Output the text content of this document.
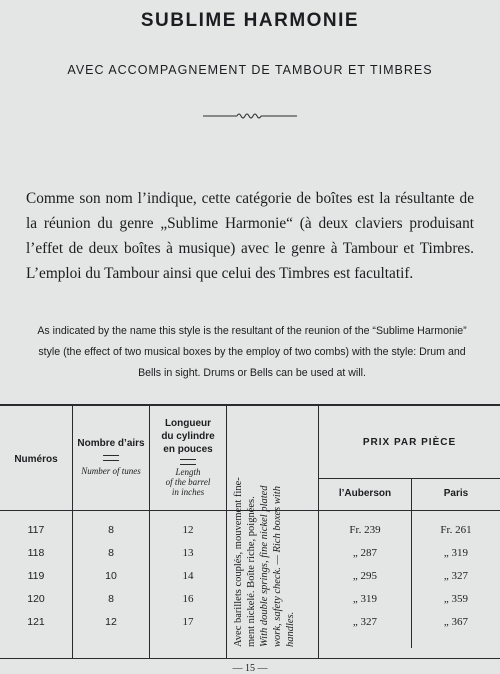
SUBLIME HARMONIE
AVEC ACCOMPAGNEMENT DE TAMBOUR ET TIMBRES
Comme son nom l’indique, cette catégorie de boîtes est la résultante de la réunion du genre „Sublime Harmonie“ (à deux claviers produisant l’effet de deux boîtes à musique) avec le genre à Tambour et Timbres. L’emploi du Tambour ainsi que celui des Timbres est facultatif.
As indicated by the name this style is the resultant of the reunion of the “Sublime Harmonie” style (the effect of two musical boxes by the employ of two combs) with the style: Drum and Bells in sight. Drums or Bells can be used at will.
Numéros
Nombre d’airs
Number of tunes
Longueur
du cylindre
en pouces
Length
of the barrel
in inches
PRIX PAR PIÈCE
l’Auberson	Paris
Avec barillets couplés, mouvement fine- ment nickelé. Boîte riche, poignées. With double springs, fine nickel plated work, safety check. — Rich boxes with handles.
117	8	12	Fr. 239	Fr. 261
118	8	13	„ 287	„ 319
119	10	14	„ 295	„ 327
120	8	16	„ 319	„ 359
121	12	17	„ 327	„ 367
— 15 —
